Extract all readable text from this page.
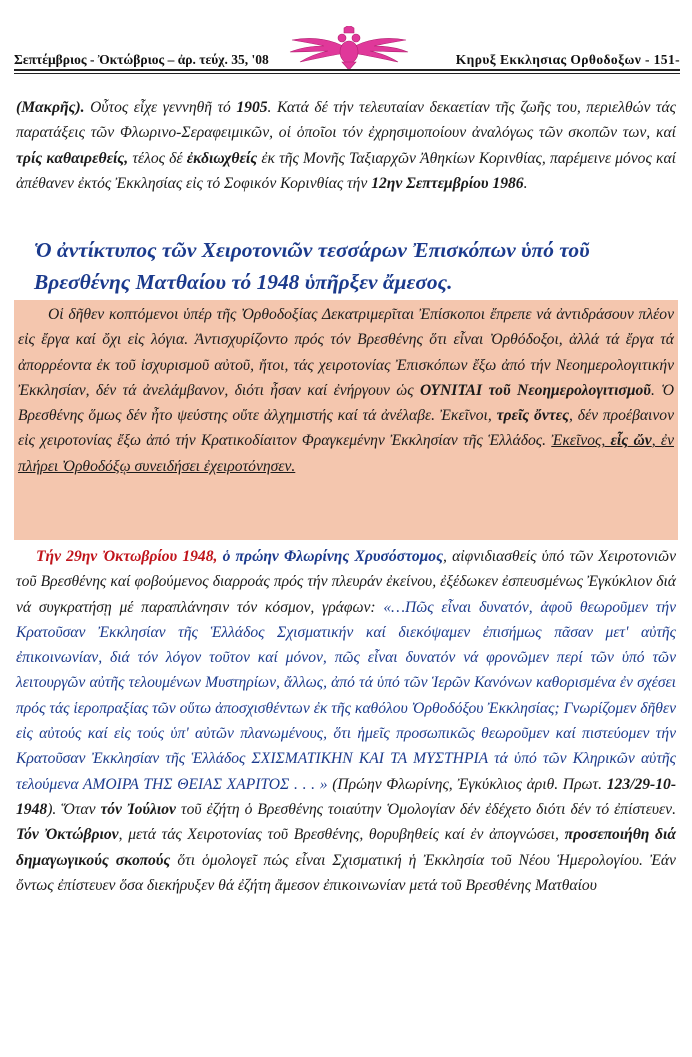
Σεπτέμβριος - Ὀκτώβριος – ἀρ. τεύχ. 35, '08	Κηρυξ Εκκλησιας Ορθοδοξων - 151-
(Μακρῆς). Οὗτος εἶχε γεννηθῆ τό 1905. Κατά δέ τήν τελευταίαν δεκαετίαν τῆς ζωῆς του, περιελθών τάς παρατάξεις τῶν Φλωρινο-Σεραφειμικῶν, οἱ ὁποῖοι τόν ἐχρησιμοποίουν ἀναλόγως τῶν σκοπῶν των, καί τρίς καθαιρεθείς, τέλος δέ ἐκδιωχθείς ἐκ τῆς Μονῆς Ταξιαρχῶν Ἀθηκίων Κορινθίας, παρέμεινε μόνος καί ἀπέθανεν ἐκτός Ἐκκλησίας εἰς τό Σοφικόν Κορινθίας τήν 12ην Σεπτεμβρίου 1986.
Ὁ ἀντίκτυπος τῶν Χειροτονιῶν τεσσάρων Ἐπισκόπων ὑπό τοῦ Βρεσθένης Ματθαίου τό 1948 ὑπῆρξεν ἄμεσος.
Οἱ δῆθεν κοπτόμενοι ὑπέρ τῆς Ὀρθοδοξίας Δεκατριμερῖται Ἐπίσκοποι ἔπρεπε νά ἀντιδράσουν πλέον εἰς ἔργα καί ὄχι εἰς λόγια. Ἀντισχυρίζοντο πρός τόν Βρεσθένης ὅτι εἶναι Ὀρθόδοξοι, ἀλλά τά ἔργα τά ἀπορρέοντα ἐκ τοῦ ἰσχυρισμοῦ αὐτοῦ, ἤτοι, τάς χειροτονίας Ἐπισκόπων ἔξω ἀπό τήν Νεοημερολογιτικήν Ἐκκλησίαν, δέν τά ἀνελάμβανον, διότι ἦσαν καί ἐνήργουν ὡς ΟΥΝΙΤΑΙ τοῦ Νεοημερολογιτισμοῦ. Ὁ Βρεσθένης ὅμως δέν ἦτο ψεύστης οὔτε ἀλχημιστής καί τά ἀνέλαβε. Ἐκεῖνοι, τρεῖς ὄντες, δέν προέβαινον εἰς χειροτονίας ἔξω ἀπό τήν Κρατικοδίαιτον Φραγκεμένην Ἐκκλησίαν τῆς Ἑλλάδος. Ἐκεῖνος, εἷς ὤν, ἐν πλήρει Ὀρθοδόξῳ συνειδήσει ἐχειροτόνησεν.
Τήν 29ην Ὀκτωβρίου 1948, ὁ πρώην Φλωρίνης Χρυσόστομος, αἰφνιδιασθείς ὑπό τῶν Χειροτονιῶν τοῦ Βρεσθένης καί φοβούμενος διαρροάς πρός τήν πλευράν ἐκείνου, ἐξέδωκεν ἐσπευσμένως Ἐγκύκλιον διά νά συγκρατήσῃ μέ παραπλάνησιν τόν κόσμον, γράφων: «…Πῶς εἶναι δυνατόν, ἀφοῦ θεωροῦμεν τήν Κρατοῦσαν Ἐκκλησίαν τῆς Ἑλλάδος Σχισματικήν καί διεκόψαμεν ἐπισήμως πᾶσαν μετ' αὐτῆς ἐπικοινωνίαν, διά τόν λόγον τοῦτον καί μόνον, πῶς εἶναι δυνατόν νά φρονῶμεν περί τῶν ὑπό τῶν λειτουργῶν αὐτῆς τελουμένων Μυστηρίων, ἄλλως, ἀπό τά ὑπό τῶν Ἱερῶν Κανόνων καθορισμένα ἐν σχέσει πρός τάς ἱεροπραξίας τῶν οὕτω ἀποσχισθέντων ἐκ τῆς καθόλου Ὀρθοδόξου Ἐκκλησίας; Γνωρίζομεν δῆθεν εἰς αὐτούς καί εἰς τούς ὑπ' αὐτῶν πλανωμένους, ὅτι ἡμεῖς προσωπικῶς θεωροῦμεν καί πιστεύομεν τήν Κρατοῦσαν Ἐκκλησίαν τῆς Ἑλλάδος ΣΧΙΣΜΑΤΙΚΗΝ ΚΑΙ ΤΑ ΜΥΣΤΗΡΙΑ τά ὑπό τῶν Κληρικῶν αὐτῆς τελούμενα ΑΜΟΙΡΑ ΤΗΣ ΘΕΙΑΣ ΧΑΡΙΤΟΣ . . . » (Πρώην Φλωρίνης, Ἐγκύκλιος ἀριθ. Πρωτ. 123/29-10-1948). Ὅταν τόν Ἰούλιον τοῦ ἐζήτη ὁ Βρεσθένης τοιαύτην Ὁμολογίαν δέν ἐδέχετο διότι δέν τό ἐπίστευεν. Τόν Ὀκτώβριον, μετά τάς Χειροτονίας τοῦ Βρεσθένης, θορυβηθείς καί ἐν ἀπογνώσει, προσεποιήθη διά δημαγωγικούς σκοπούς ὅτι ὁμολογεῖ πώς εἶναι Σχισματική ἡ Ἐκκλησία τοῦ Νέου Ἡμερολογίου. Ἐάν ὄντως ἐπίστευεν ὅσα διεκήρυξεν θά ἐζήτη ἄμεσον ἐπικοινωνίαν μετά τοῦ Βρεσθένης Ματθαίου
